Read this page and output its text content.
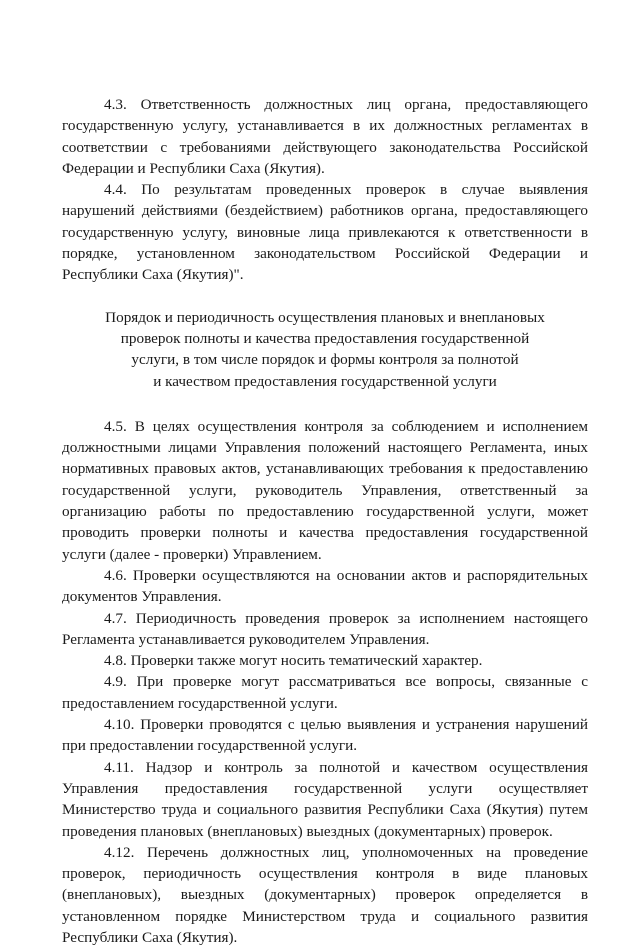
4.3. Ответственность должностных лиц органа, предоставляющего государственную услугу, устанавливается в их должностных регламентах в соответствии с требованиями действующего законодательства Российской Федерации и Республики Саха (Якутия).

4.4. По результатам проведенных проверок в случае выявления нарушений действиями (бездействием) работников органа, предоставляющего государственную услугу, виновные лица привлекаются к ответственности в порядке, установленном законодательством Российской Федерации и Республики Саха (Якутия)".

Порядок и периодичность осуществления плановых и внеплановых
проверок полноты и качества предоставления государственной
услуги, в том числе порядок и формы контроля за полнотой
и качеством предоставления государственной услуги

4.5. В целях осуществления контроля за соблюдением и исполнением должностными лицами Управления положений настоящего Регламента, иных нормативных правовых актов, устанавливающих требования к предоставлению государственной услуги, руководитель Управления, ответственный за организацию работы по предоставлению государственной услуги, может проводить проверки полноты и качества предоставления государственной услуги (далее - проверки) Управлением.

4.6. Проверки осуществляются на основании актов и распорядительных документов Управления.

4.7. Периодичность проведения проверок за исполнением настоящего Регламента устанавливается руководителем Управления.

4.8. Проверки также могут носить тематический характер.

4.9. При проверке могут рассматриваться все вопросы, связанные с предоставлением государственной услуги.

4.10. Проверки проводятся с целью выявления и устранения нарушений при предоставлении государственной услуги.

4.11. Надзор и контроль за полнотой и качеством осуществления Управления предоставления государственной услуги осуществляет Министерство труда и социального развития Республики Саха (Якутия) путем проведения плановых (внеплановых) выездных (документарных) проверок.

4.12. Перечень должностных лиц, уполномоченных на проведение проверок, периодичность осуществления контроля в виде плановых (внеплановых), выездных (документарных) проверок определяется в установленном порядке Министерством труда и социального развития Республики Саха (Якутия).
